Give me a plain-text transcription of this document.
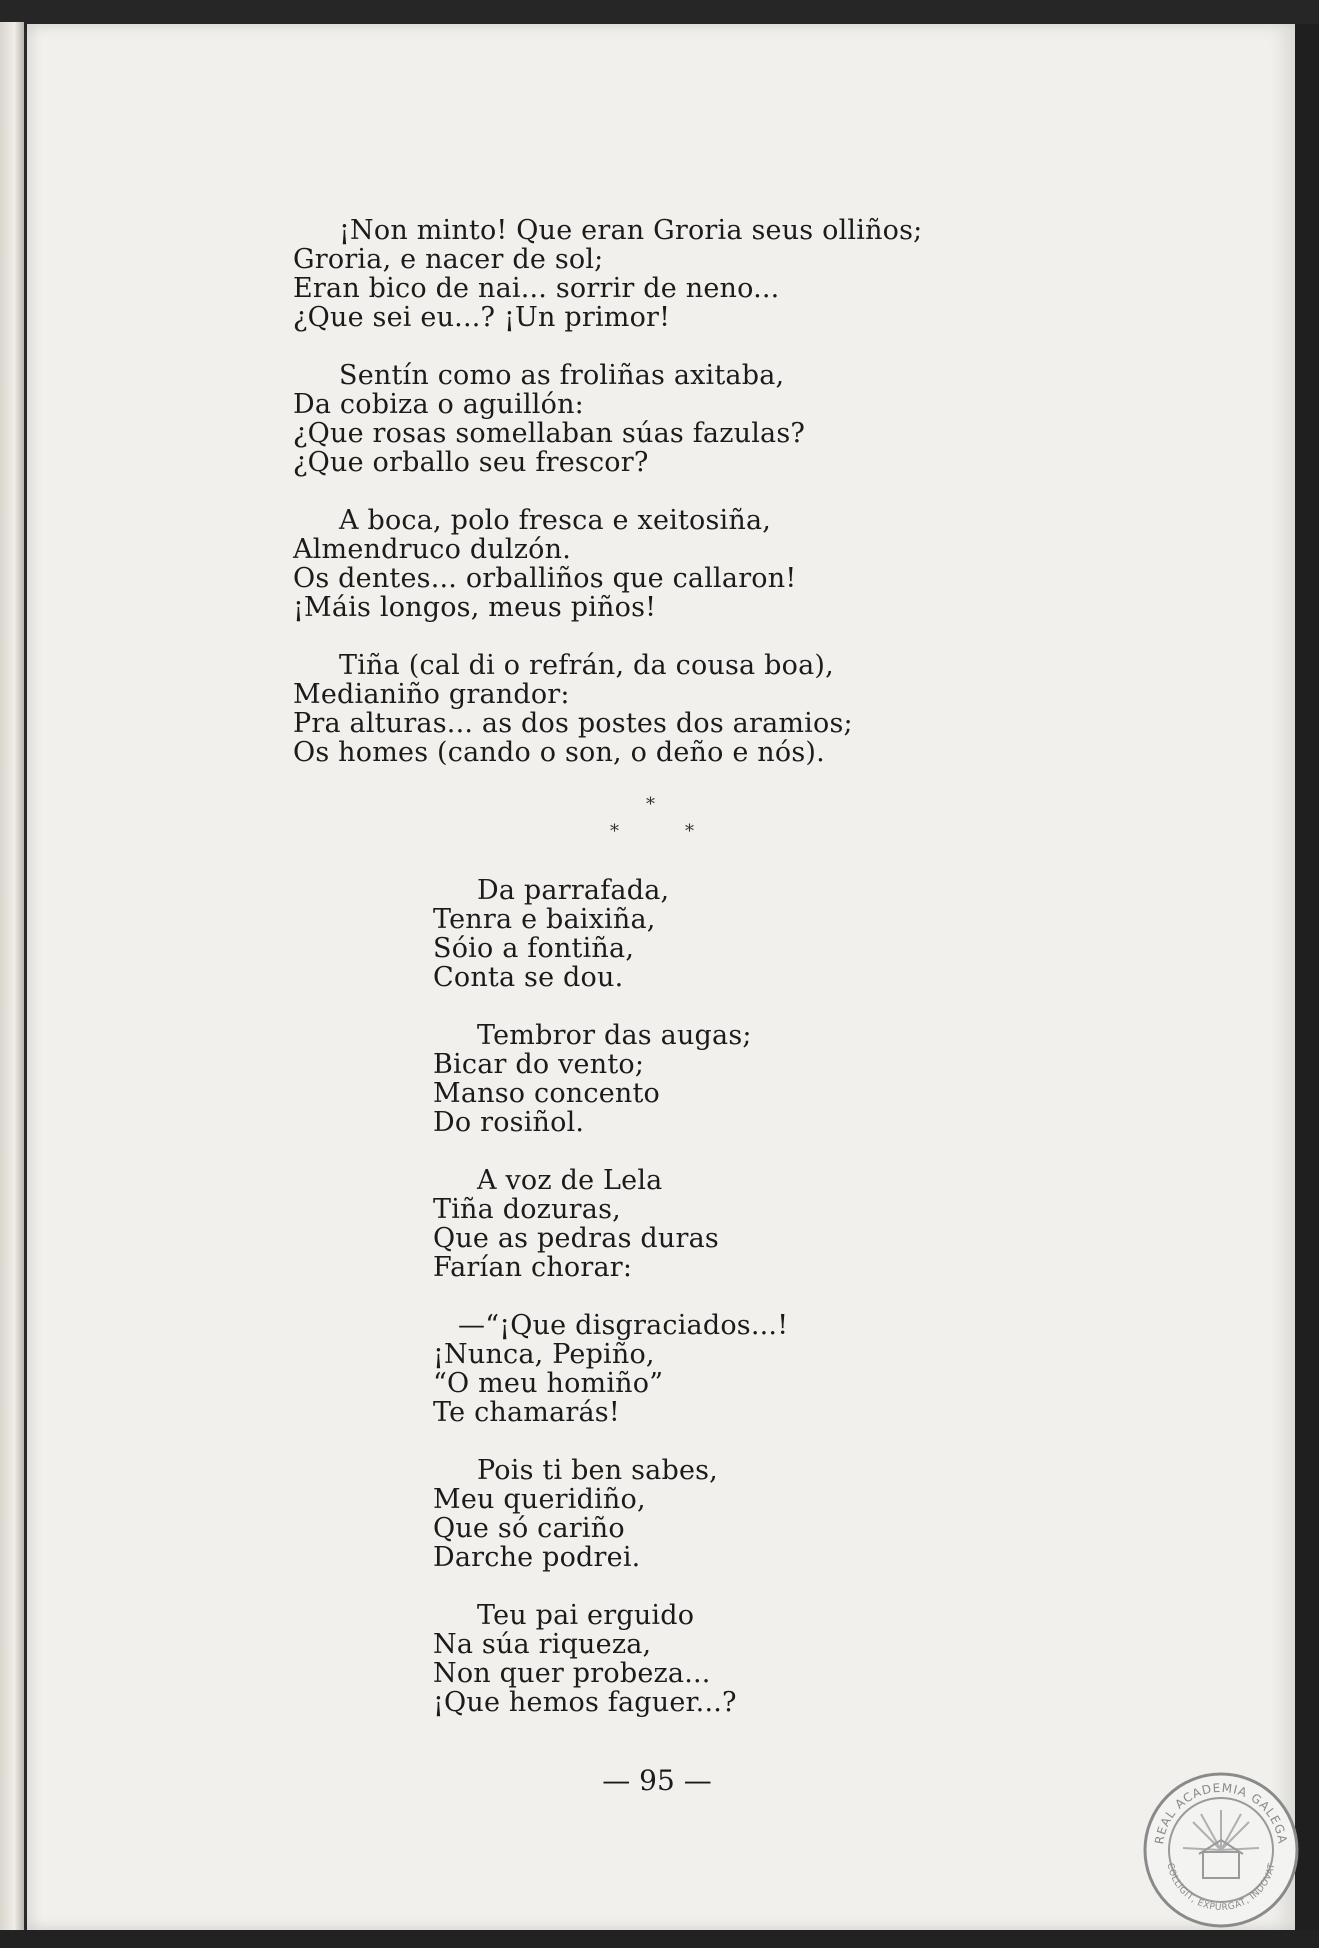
¡Non minto! Que eran Groria seus olliños;
Groria, e nacer de sol;
Eran bico de nai... sorrir de neno...
¿Que sei eu...? ¡Un primor!
Sentín como as froliñas axitaba,
Da cobiza o aguillón:
¿Que rosas somellaban súas fazulas?
¿Que orballo seu frescor?
A boca, polo fresca e xeitosiña,
Almendruco dulzón.
Os dentes... orballiños que callaron!
¡Máis longos, meus piños!
Tiña (cal di o refrán, da cousa boa),
Medianiño grandor:
Pra alturas... as dos postes dos aramios;
Os homes (cando o son, o deño e nós).
*
*	*
Da parrafada,
Tenra e baixiña,
Sóio a fontiña,
Conta se dou.
Tembror das augas;
Bicar do vento;
Manso concento
Do rosiñol.
A voz de Lela
Tiña dozuras,
Que as pedras duras
Farían chorar:
—“¡Que disgraciados...!
¡Nunca, Pepiño,
“O meu homiño”
Te chamarás!
Pois ti ben sabes,
Meu queridiño,
Que só cariño
Darche podrei.
Teu pai erguido
Na súa riqueza,
Non quer probeza...
¡Que hemos faguer...?
— 95 —
REAL ACADEMIA GALEGA
COLLIGIT, EXPURGAT, INDOVAT
